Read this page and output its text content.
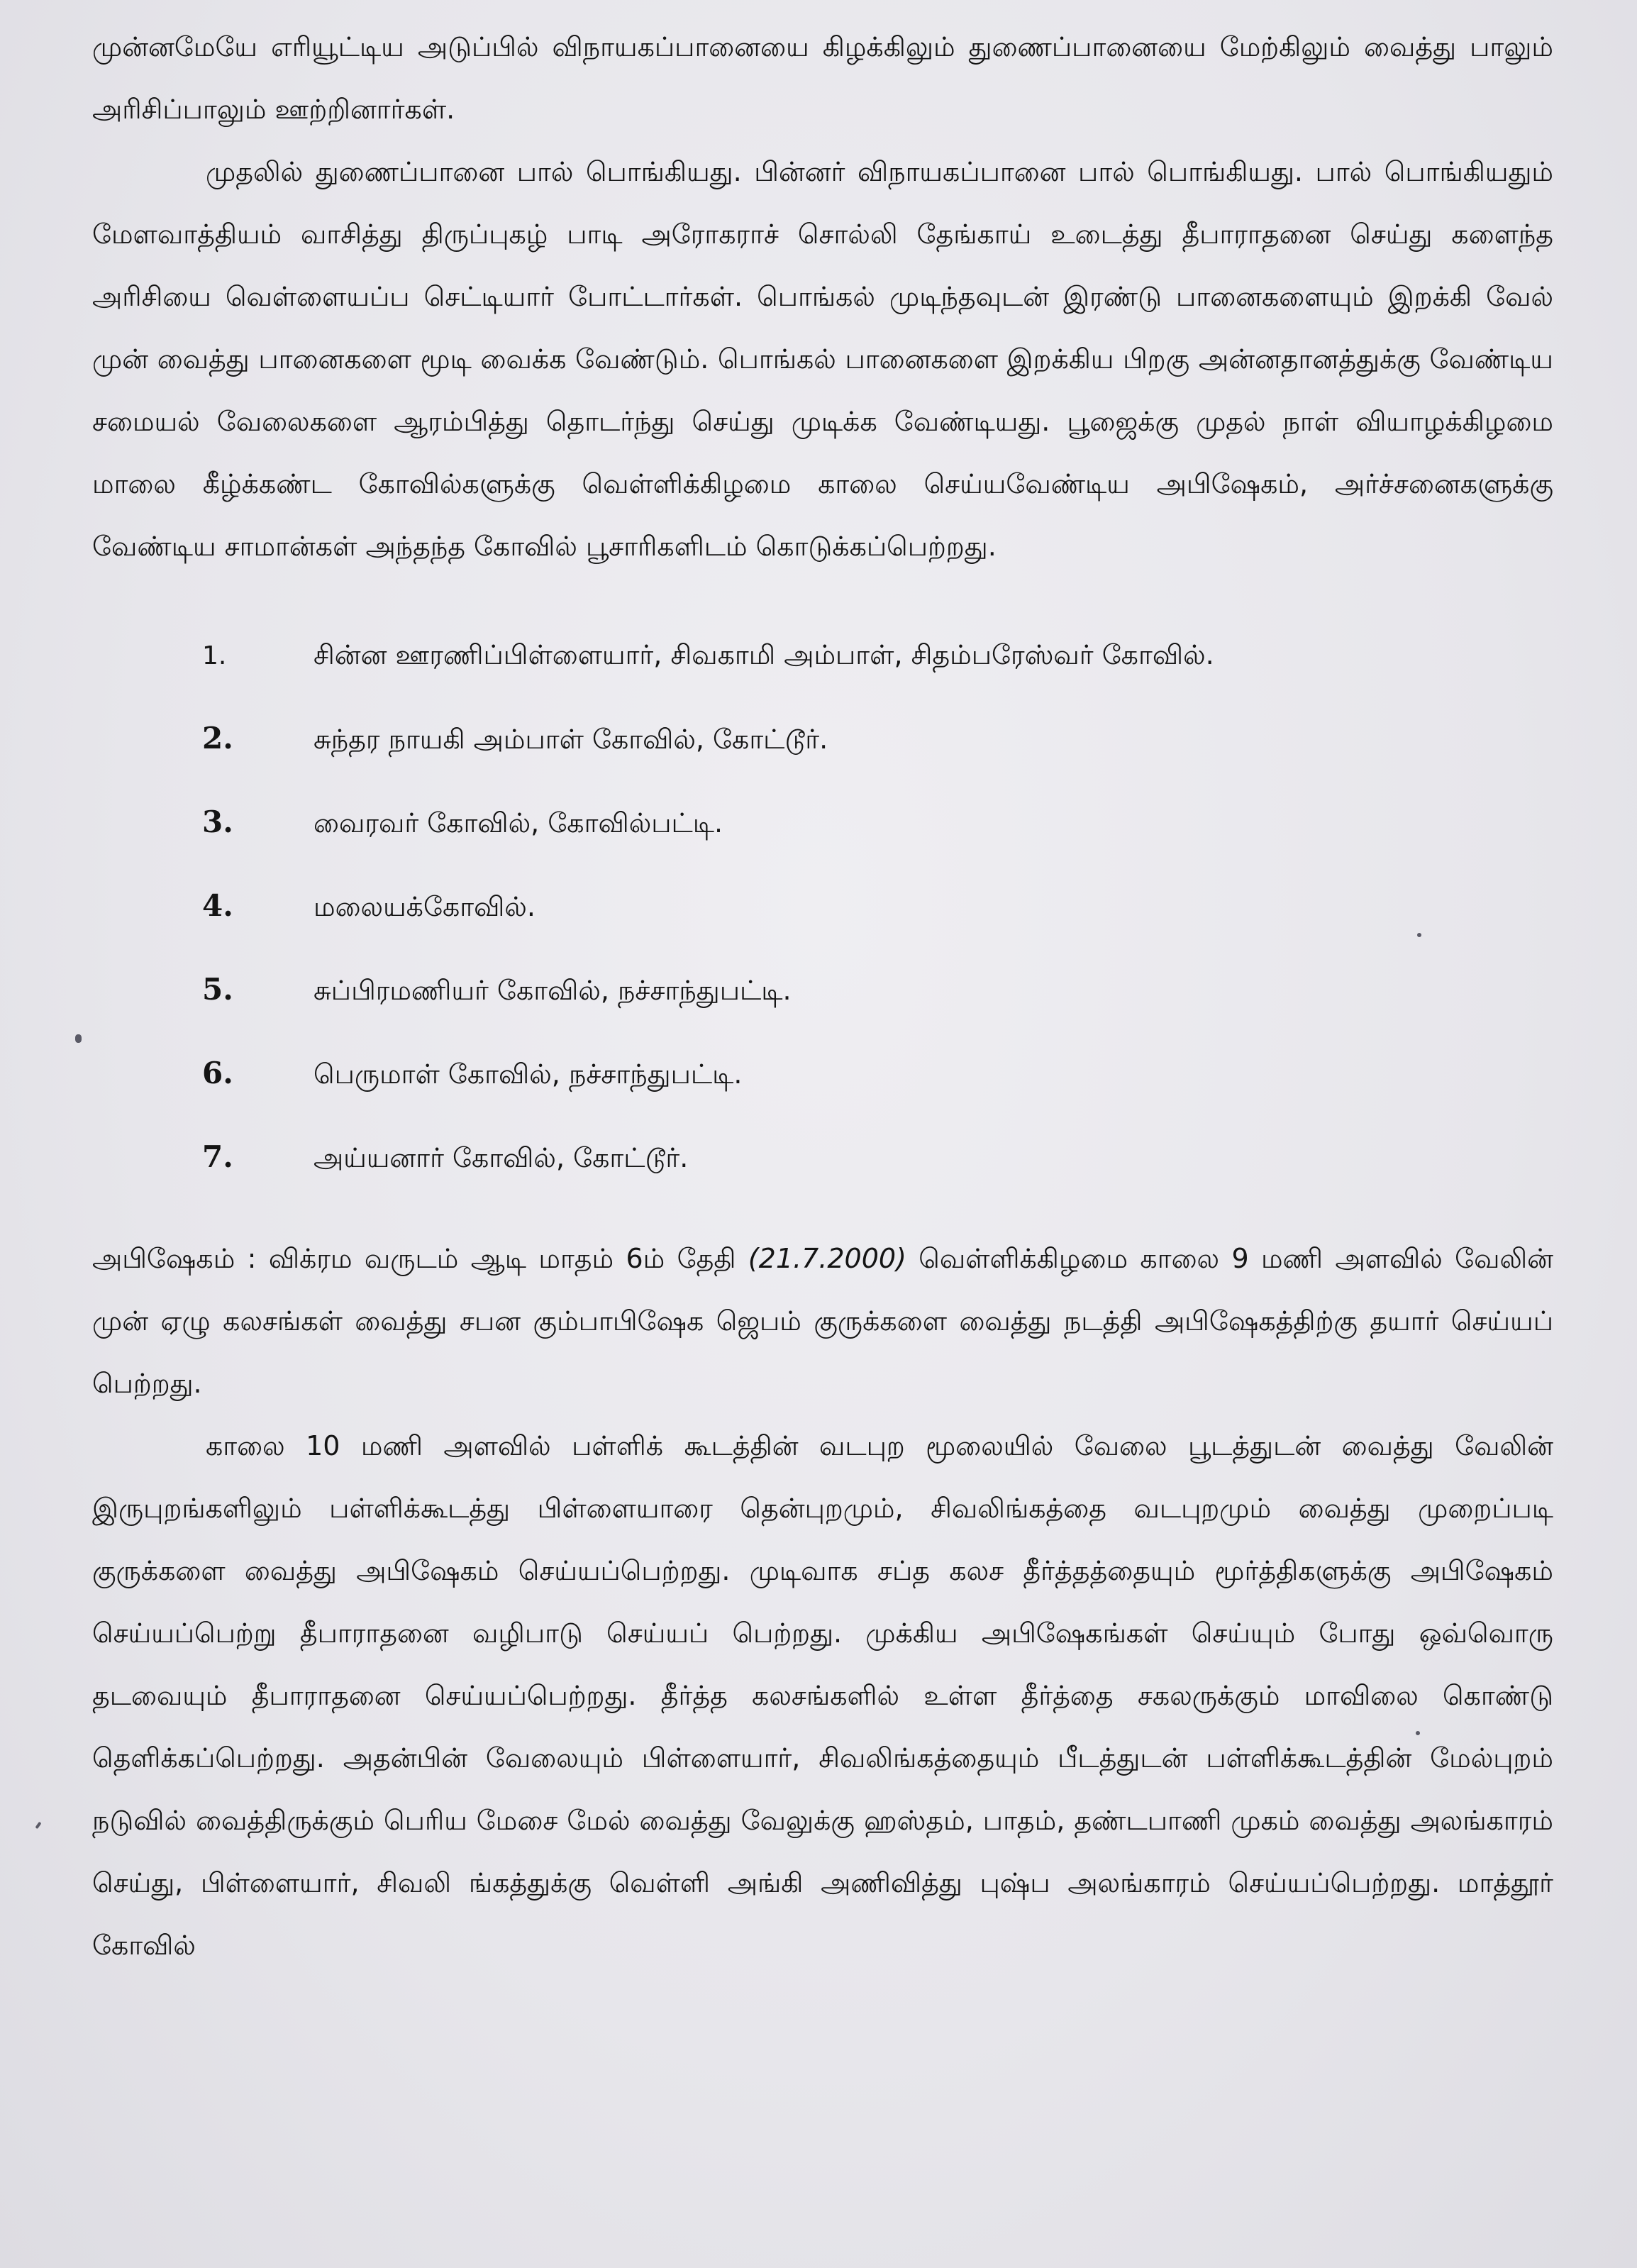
முன்னமேயே எரியூட்டிய அடுப்பில் விநாயகப்பானையை கிழக்கிலும் துணைப்பானையை மேற்கிலும் வைத்து பாலும் அரிசிப்பாலும் ஊற்றினார்கள்.

முதலில் துணைப்பானை பால் பொங்கியது. பின்னர் விநாயகப்பானை பால் பொங்கியது. பால் பொங்கியதும் மேளவாத்தியம் வாசித்து திருப்புகழ் பாடி அரோகராச் சொல்லி தேங்காய் உடைத்து தீபாராதனை செய்து களைந்த அரிசியை வெள்ளையப்ப செட்டியார் போட்டார்கள். பொங்கல் முடிந்தவுடன் இரண்டு பானைகளையும் இறக்கி வேல் முன் வைத்து பானைகளை மூடி வைக்க வேண்டும். பொங்கல் பானைகளை இறக்கிய பிறகு அன்னதானத்துக்கு வேண்டிய சமையல் வேலைகளை ஆரம்பித்து தொடர்ந்து செய்து முடிக்க வேண்டியது. பூஜைக்கு முதல் நாள் வியாழக்கிழமை மாலை கீழ்க்கண்ட கோவில்களுக்கு வெள்ளிக்கிழமை காலை செய்யவேண்டிய அபிஷேகம், அர்ச்சனைகளுக்கு வேண்டிய சாமான்கள் அந்தந்த கோவில் பூசாரிகளிடம் கொடுக்கப்பெற்றது.

1.	சின்ன ஊரணிப்பிள்ளையார், சிவகாமி அம்பாள், சிதம்பரேஸ்வர் கோவில்.
2.	சுந்தர நாயகி அம்பாள் கோவில், கோட்டூர்.
3.	வைரவர் கோவில், கோவில்பட்டி.
4.	மலையக்கோவில்.
5.	சுப்பிரமணியர் கோவில், நச்சாந்துபட்டி.
6.	பெருமாள் கோவில், நச்சாந்துபட்டி.
7.	அய்யனார் கோவில், கோட்டூர்.

அபிஷேகம் : விக்ரம வருடம் ஆடி மாதம் 6ம் தேதி (21.7.2000) வெள்ளிக்கிழமை காலை 9 மணி அளவில் வேலின் முன் ஏழு கலசங்கள் வைத்து சபன கும்பாபிஷேக ஜெபம் குருக்களை வைத்து நடத்தி அபிஷேகத்திற்கு தயார் செய்யப் பெற்றது.

காலை 10 மணி அளவில் பள்ளிக் கூடத்தின் வடபுற மூலையில் வேலை பூடத்துடன் வைத்து வேலின் இருபுறங்களிலும் பள்ளிக்கூடத்து பிள்ளையாரை தென்புறமும், சிவலிங்கத்தை வடபுறமும் வைத்து முறைப்படி குருக்களை வைத்து அபிஷேகம் செய்யப்பெற்றது. முடிவாக சப்த கலச தீர்த்தத்தையும் மூர்த்திகளுக்கு அபிஷேகம் செய்யப்பெற்று தீபாராதனை வழிபாடு செய்யப் பெற்றது. முக்கிய அபிஷேகங்கள் செய்யும் போது ஒவ்வொரு தடவையும் தீபாராதனை செய்யப்பெற்றது. தீர்த்த கலசங்களில் உள்ள தீர்த்தை சகலருக்கும் மாவிலை கொண்டு தெளிக்கப்பெற்றது. அதன்பின் வேலையும் பிள்ளையார், சிவலிங்கத்தையும் பீடத்துடன் பள்ளிக்கூடத்தின் மேல்புறம் நடுவில் வைத்திருக்கும் பெரிய மேசை மேல் வைத்து வேலுக்கு ஹஸ்தம், பாதம், தண்டபாணி முகம் வைத்து அலங்காரம் செய்து, பிள்ளையார், சிவலி ங்கத்துக்கு வெள்ளி அங்கி அணிவித்து புஷ்ப அலங்காரம் செய்யப்பெற்றது. மாத்தூர் கோவில்
